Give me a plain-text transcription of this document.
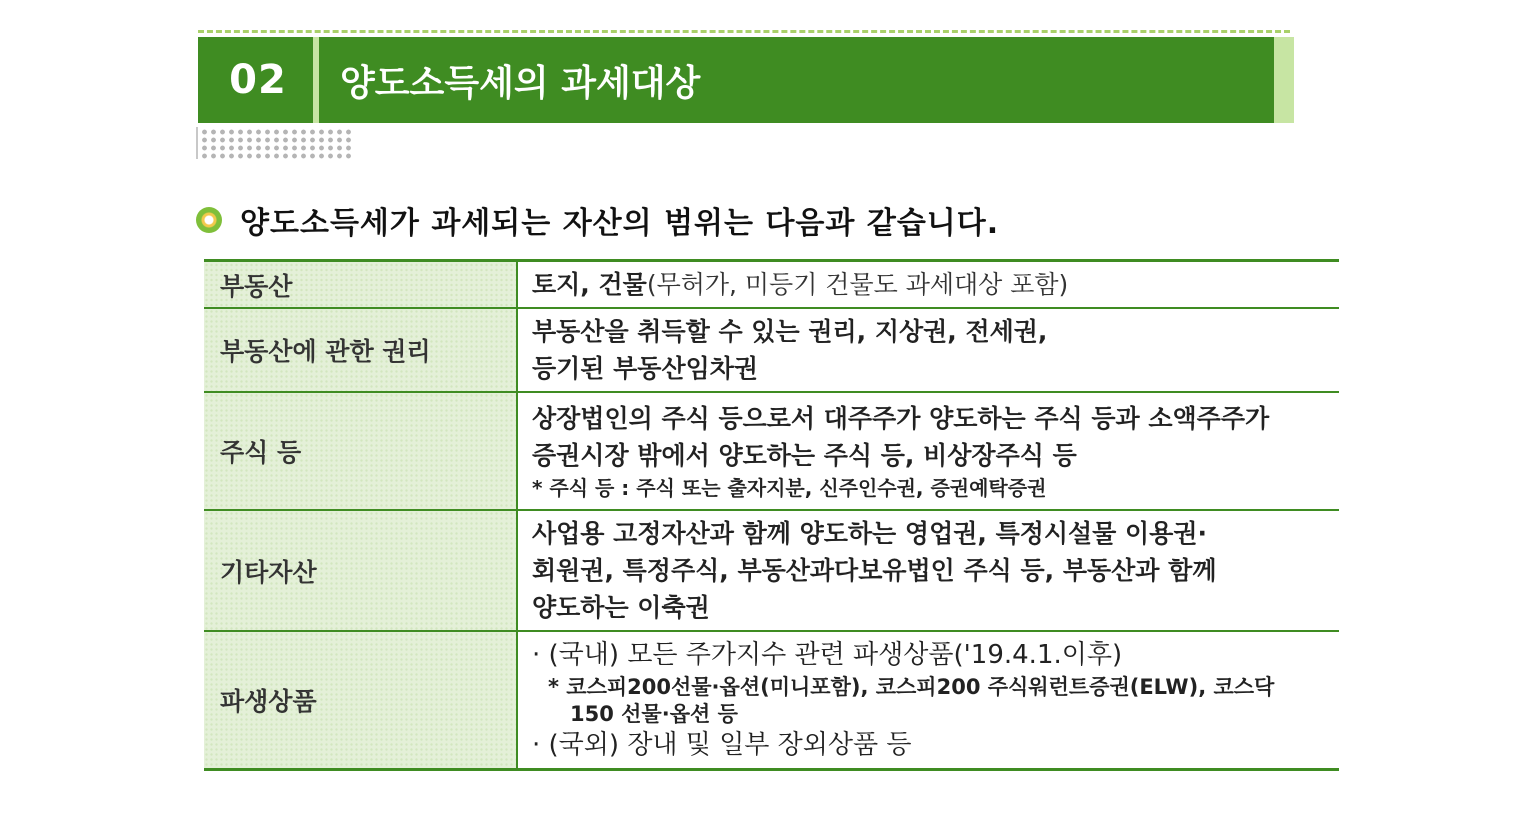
02	양도소득세의 과세대상
양도소득세가 과세되는 자산의 범위는 다음과 같습니다.
부동산	토지, 건물(무허가, 미등기 건물도 과세대상 포함)
부동산에 관한 권리	부동산을 취득할 수 있는 권리, 지상권, 전세권,
등기된 부동산임차권

주식 등	상장법인의 주식 등으로서 대주주가 양도하는 주식 등과 소액주주가
증권시장 밖에서 양도하는 주식 등, 비상장주식 등
* 주식 등 : 주식 또는 출자지분, 신주인수권, 증권예탁증권

기타자산	사업용 고정자산과 함께 양도하는 영업권, 특정시설물 이용권·
회원권, 특정주식, 부동산과다보유법인 주식 등, 부동산과 함께
양도하는 이축권

파생상품	· (국내) 모든 주가지수 관련 파생상품('19.4.1.이후)
* 코스피200선물·옵션(미니포함), 코스피200 주식워런트증권(ELW), 코스닥
150 선물·옵션 등
· (국외) 장내 및 일부 장외상품 등
